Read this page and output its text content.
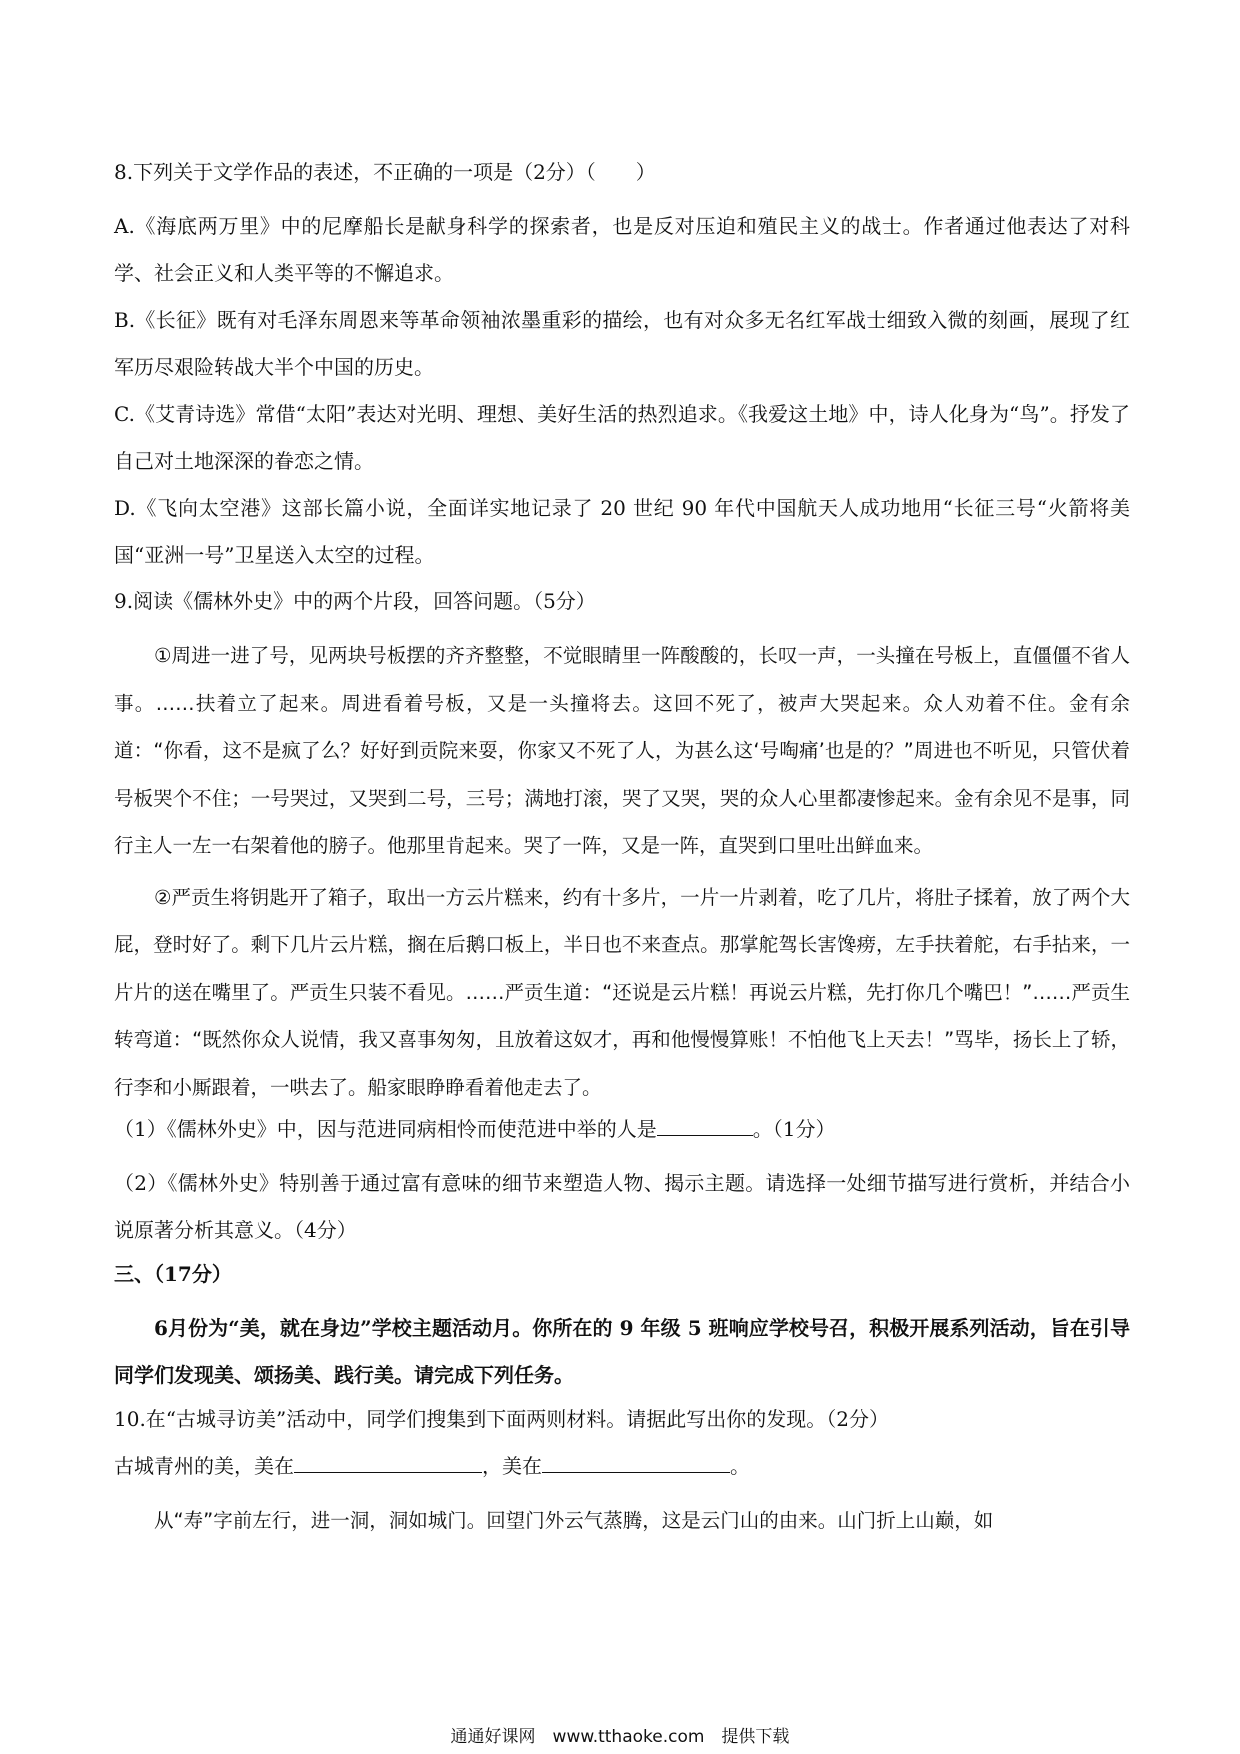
8.下列关于文学作品的表述，不正确的一项是（2分）（　　）
A.《海底两万里》中的尼摩船长是献身科学的探索者，也是反对压迫和殖民主义的战士。作者通过他表达了对科学、社会正义和人类平等的不懈追求。
B.《长征》既有对毛泽东周恩来等革命领袖浓墨重彩的描绘，也有对众多无名红军战士细致入微的刻画，展现了红军历尽艰险转战大半个中国的历史。
C.《艾青诗选》常借“太阳”表达对光明、理想、美好生活的热烈追求。《我爱这土地》中，诗人化身为“鸟”。抒发了自己对土地深深的眷恋之情。
D.《飞向太空港》这部长篇小说，全面详实地记录了 20 世纪 90 年代中国航天人成功地用“长征三号“火箭将美国“亚洲一号”卫星送入太空的过程。
9.阅读《儒林外史》中的两个片段，回答问题。（5分）
①周进一进了号，见两块号板摆的齐齐整整，不觉眼睛里一阵酸酸的，长叹一声，一头撞在号板上，直僵僵不省人事。……扶着立了起来。周进看着号板，又是一头撞将去。这回不死了，被声大哭起来。众人劝着不住。金有余道：“你看，这不是疯了么？好好到贡院来耍，你家又不死了人，为甚么这‘号啕痛’也是的？”周进也不听见，只管伏着号板哭个不住；一号哭过，又哭到二号，三号；满地打滚，哭了又哭，哭的众人心里都凄惨起来。金有余见不是事，同行主人一左一右架着他的膀子。他那里肯起来。哭了一阵，又是一阵，直哭到口里吐出鲜血来。
②严贡生将钥匙开了箱子，取出一方云片糕来，约有十多片，一片一片剥着，吃了几片，将肚子揉着，放了两个大屁，登时好了。剩下几片云片糕，搁在后鹅口板上，半日也不来查点。那掌舵驾长害馋痨，左手扶着舵，右手拈来，一片片的送在嘴里了。严贡生只装不看见。……严贡生道：“还说是云片糕！再说云片糕，先打你几个嘴巴！”……严贡生转弯道：“既然你众人说情，我又喜事匆匆，且放着这奴才，再和他慢慢算账！不怕他飞上天去！”骂毕，扬长上了轿，行李和小厮跟着，一哄去了。船家眼睁睁看着他走去了。
（1）《儒林外史》中，因与范进同病相怜而使范进中举的人是	。（1分）
（2）《儒林外史》特别善于通过富有意味的细节来塑造人物、揭示主题。请选择一处细节描写进行赏析，并结合小说原著分析其意义。（4分）
三、（17分）
6月份为“美，就在身边”学校主题活动月。你所在的 9 年级 5 班响应学校号召，积极开展系列活动，旨在引导同学们发现美、颂扬美、践行美。请完成下列任务。
10.在“古城寻访美”活动中，同学们搜集到下面两则材料。请据此写出你的发现。（2分）
古城青州的美，美在	，美在	。
从“寿”字前左行，进一洞，洞如城门。回望门外云气蒸腾，这是云门山的由来。山门折上山巅，如
通通好课网　www.tthaoke.com　提供下载
